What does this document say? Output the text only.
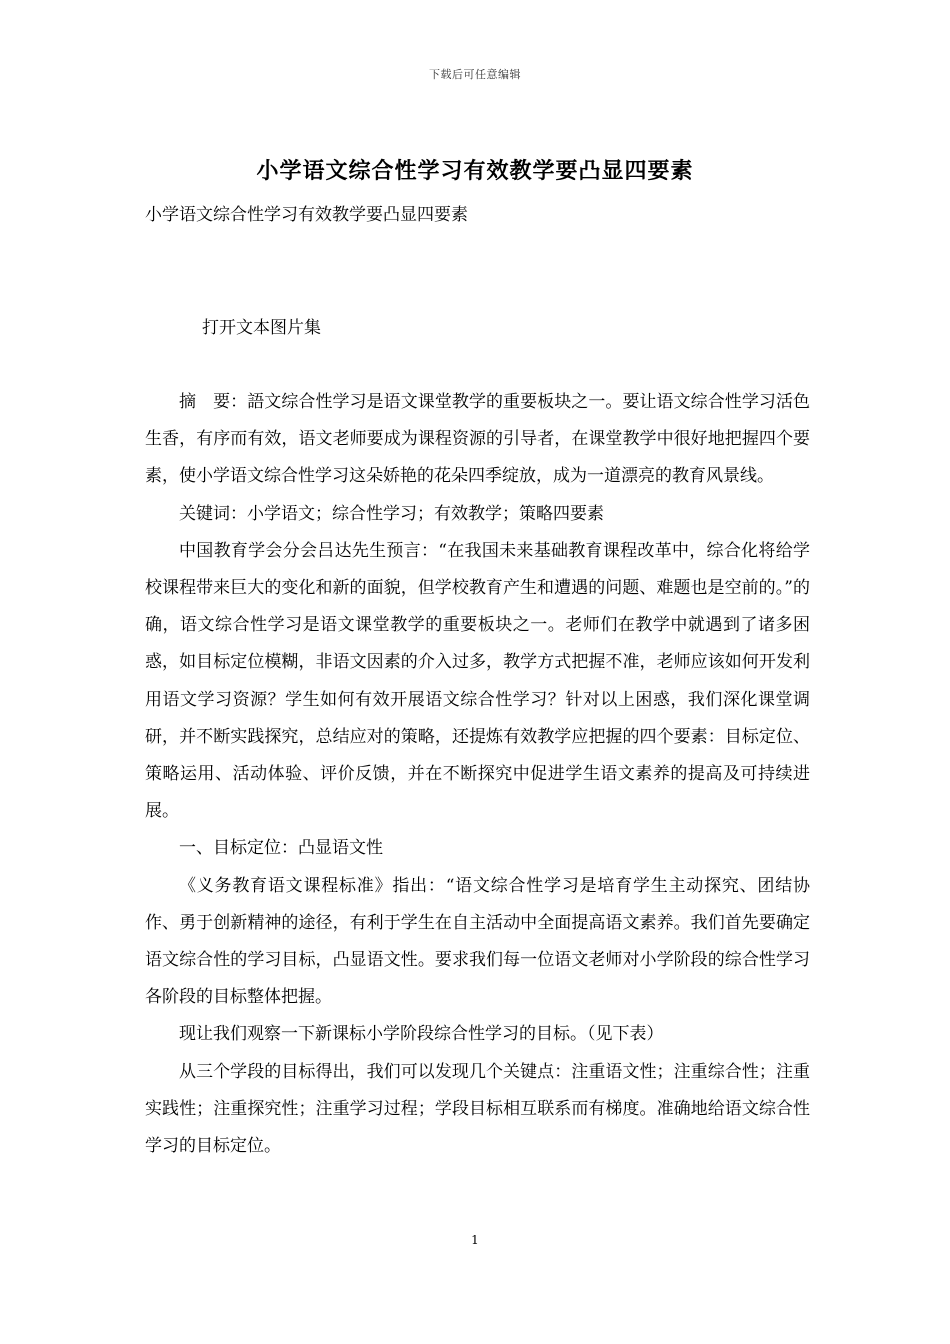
下载后可任意编辑
小学语文综合性学习有效教学要凸显四要素
小学语文综合性学习有效教学要凸显四要素
打开文本图片集

摘　要：語文综合性学习是语文课堂教学的重要板块之一。要让语文综合性学习活色生香，有序而有效，语文老师要成为课程资源的引导者，在课堂教学中很好地把握四个要素，使小学语文综合性学习这朵娇艳的花朵四季绽放，成为一道漂亮的教育风景线。

关键词：小学语文；综合性学习；有效教学；策略四要素

中国教育学会分会吕达先生预言：“在我国未来基础教育课程改革中，综合化将给学校课程带来巨大的变化和新的面貌，但学校教育产生和遭遇的问题、难题也是空前的。”的确，语文综合性学习是语文课堂教学的重要板块之一。老师们在教学中就遇到了诸多困惑，如目标定位模糊，非语文因素的介入过多，教学方式把握不准，老师应该如何开发利用语文学习资源？学生如何有效开展语文综合性学习？针对以上困惑，我们深化课堂调研，并不断实践探究，总结应对的策略，还提炼有效教学应把握的四个要素：目标定位、策略运用、活动体验、评价反馈，并在不断探究中促进学生语文素养的提高及可持续进展。

一、目标定位：凸显语文性

《义务教育语文课程标准》指出：“语文综合性学习是培育学生主动探究、团结协作、勇于创新精神的途径，有利于学生在自主活动中全面提高语文素养。我们首先要确定语文综合性的学习目标，凸显语文性。要求我们每一位语文老师对小学阶段的综合性学习各阶段的目标整体把握。

现让我们观察一下新课标小学阶段综合性学习的目标。（见下表）

从三个学段的目标得出，我们可以发现几个关键点：注重语文性；注重综合性；注重实践性；注重探究性；注重学习过程；学段目标相互联系而有梯度。准确地给语文综合性学习的目标定位。

1
